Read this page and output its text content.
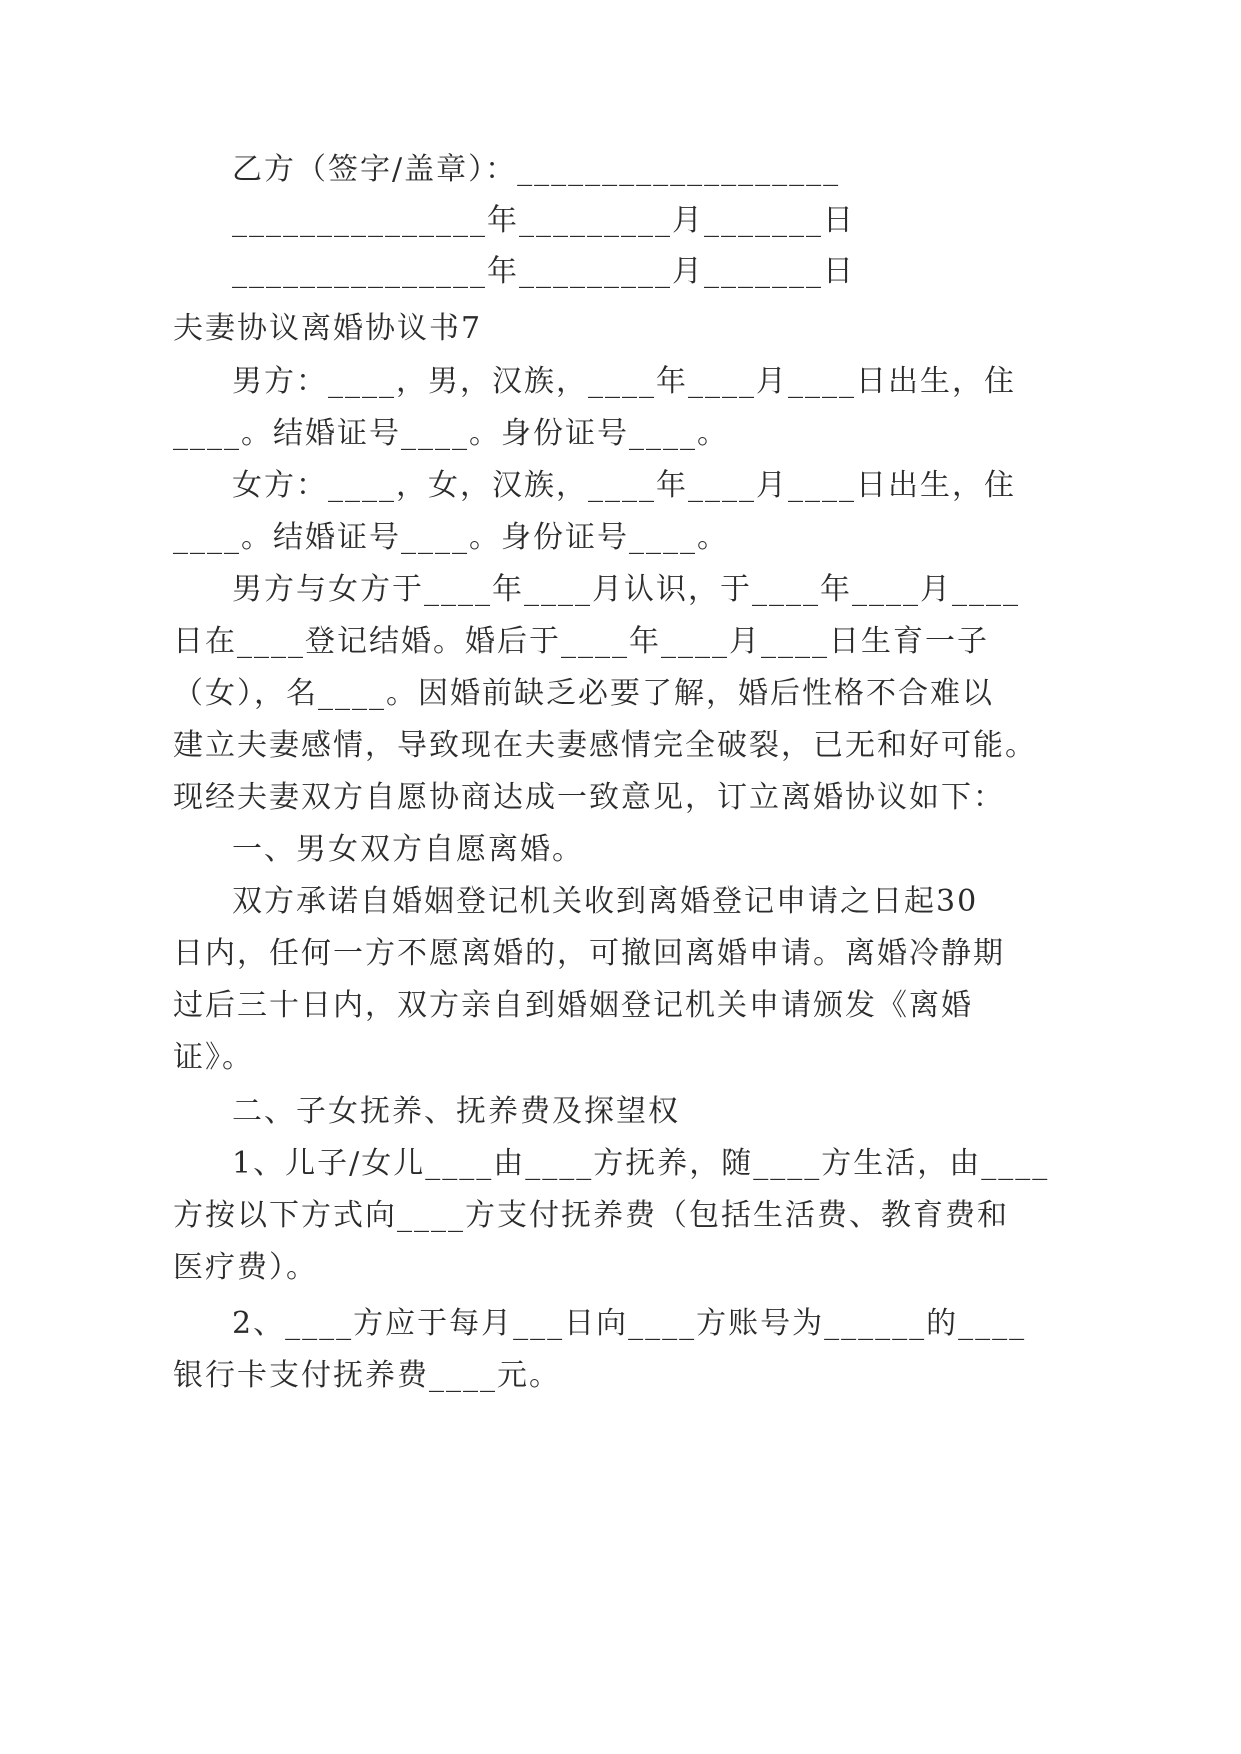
乙方（签字/盖章）：___________________
_______________年_________月_______日
_______________年_________月_______日
夫妻协议离婚协议书7
男方：____，男，汉族，____年____月____日出生，住
____。结婚证号____。身份证号____。
女方：____，女，汉族，____年____月____日出生，住
____。结婚证号____。身份证号____。
男方与女方于____年____月认识，于____年____月____
日在____登记结婚。婚后于____年____月____日生育一子
（女），名____。因婚前缺乏必要了解，婚后性格不合难以
建立夫妻感情，导致现在夫妻感情完全破裂，已无和好可能。
现经夫妻双方自愿协商达成一致意见，订立离婚协议如下：
一、男女双方自愿离婚。
双方承诺自婚姻登记机关收到离婚登记申请之日起30
日内，任何一方不愿离婚的，可撤回离婚申请。离婚冷静期
过后三十日内，双方亲自到婚姻登记机关申请颁发《离婚
证》。
二、子女抚养、抚养费及探望权
1、儿子/女儿____由____方抚养，随____方生活，由____
方按以下方式向____方支付抚养费（包括生活费、教育费和
医疗费）。
2、____方应于每月___日向____方账号为______的____
银行卡支付抚养费____元。
